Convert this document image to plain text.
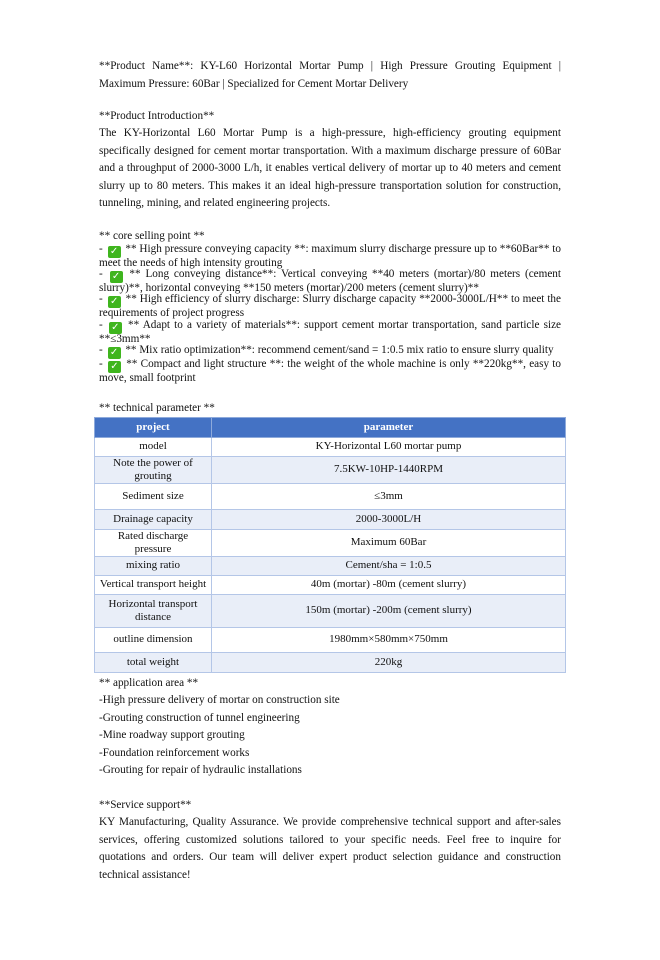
**Product Name**: KY-L60 Horizontal Mortar Pump | High Pressure Grouting Equipment | Maximum Pressure: 60Bar | Specialized for Cement Mortar Delivery

**Product Introduction**

The KY-Horizontal L60 Mortar Pump is a high-pressure, high-efficiency grouting equipment specifically designed for cement mortar transportation. With a maximum discharge pressure of 60Bar and a throughput of 2000-3000 L/h, it enables vertical delivery of mortar up to 40 meters and cement slurry up to 80 meters. This makes it an ideal high-pressure transportation solution for construction, tunneling, mining, and related engineering projects.

** core selling point **

- ✓ ** High pressure conveying capacity **: maximum slurry discharge pressure up to **60Bar** to meet the needs of high intensity grouting

- ✓ ** Long conveying distance**: Vertical conveying **40 meters (mortar)/80 meters (cement slurry)**, horizontal conveying **150 meters (mortar)/200 meters (cement slurry)**

- ✓ ** High efficiency of slurry discharge: Slurry discharge capacity **2000-3000L/H** to meet the requirements of project progress

- ✓ ** Adapt to a variety of materials**: support cement mortar transportation, sand particle size **≤3mm**

- ✓ ** Mix ratio optimization**: recommend cement/sand = 1:0.5 mix ratio to ensure slurry quality

- ✓ ** Compact and light structure **: the weight of the whole machine is only **220kg**, easy to move, small footprint

** technical parameter **

project	parameter
model	KY-Horizontal L60 mortar pump
Note the power of grouting	7.5KW-10HP-1440RPM
Sediment size	≤3mm
Drainage capacity	2000-3000L/H
Rated discharge pressure	Maximum 60Bar
mixing ratio	Cement/sha = 1:0.5
Vertical transport height	40m (mortar) -80m (cement slurry)
Horizontal transport distance	150m (mortar) -200m (cement slurry)
outline dimension	1980mm×580mm×750mm
total weight	220kg

** application area **

-High pressure delivery of mortar on construction site

-Grouting construction of tunnel engineering

-Mine roadway support grouting

-Foundation reinforcement works

-Grouting for repair of hydraulic installations

**Service support**

KY Manufacturing, Quality Assurance. We provide comprehensive technical support and after-sales services, offering customized solutions tailored to your specific needs. Feel free to inquire for quotations and orders. Our team will deliver expert product selection guidance and construction technical assistance!
